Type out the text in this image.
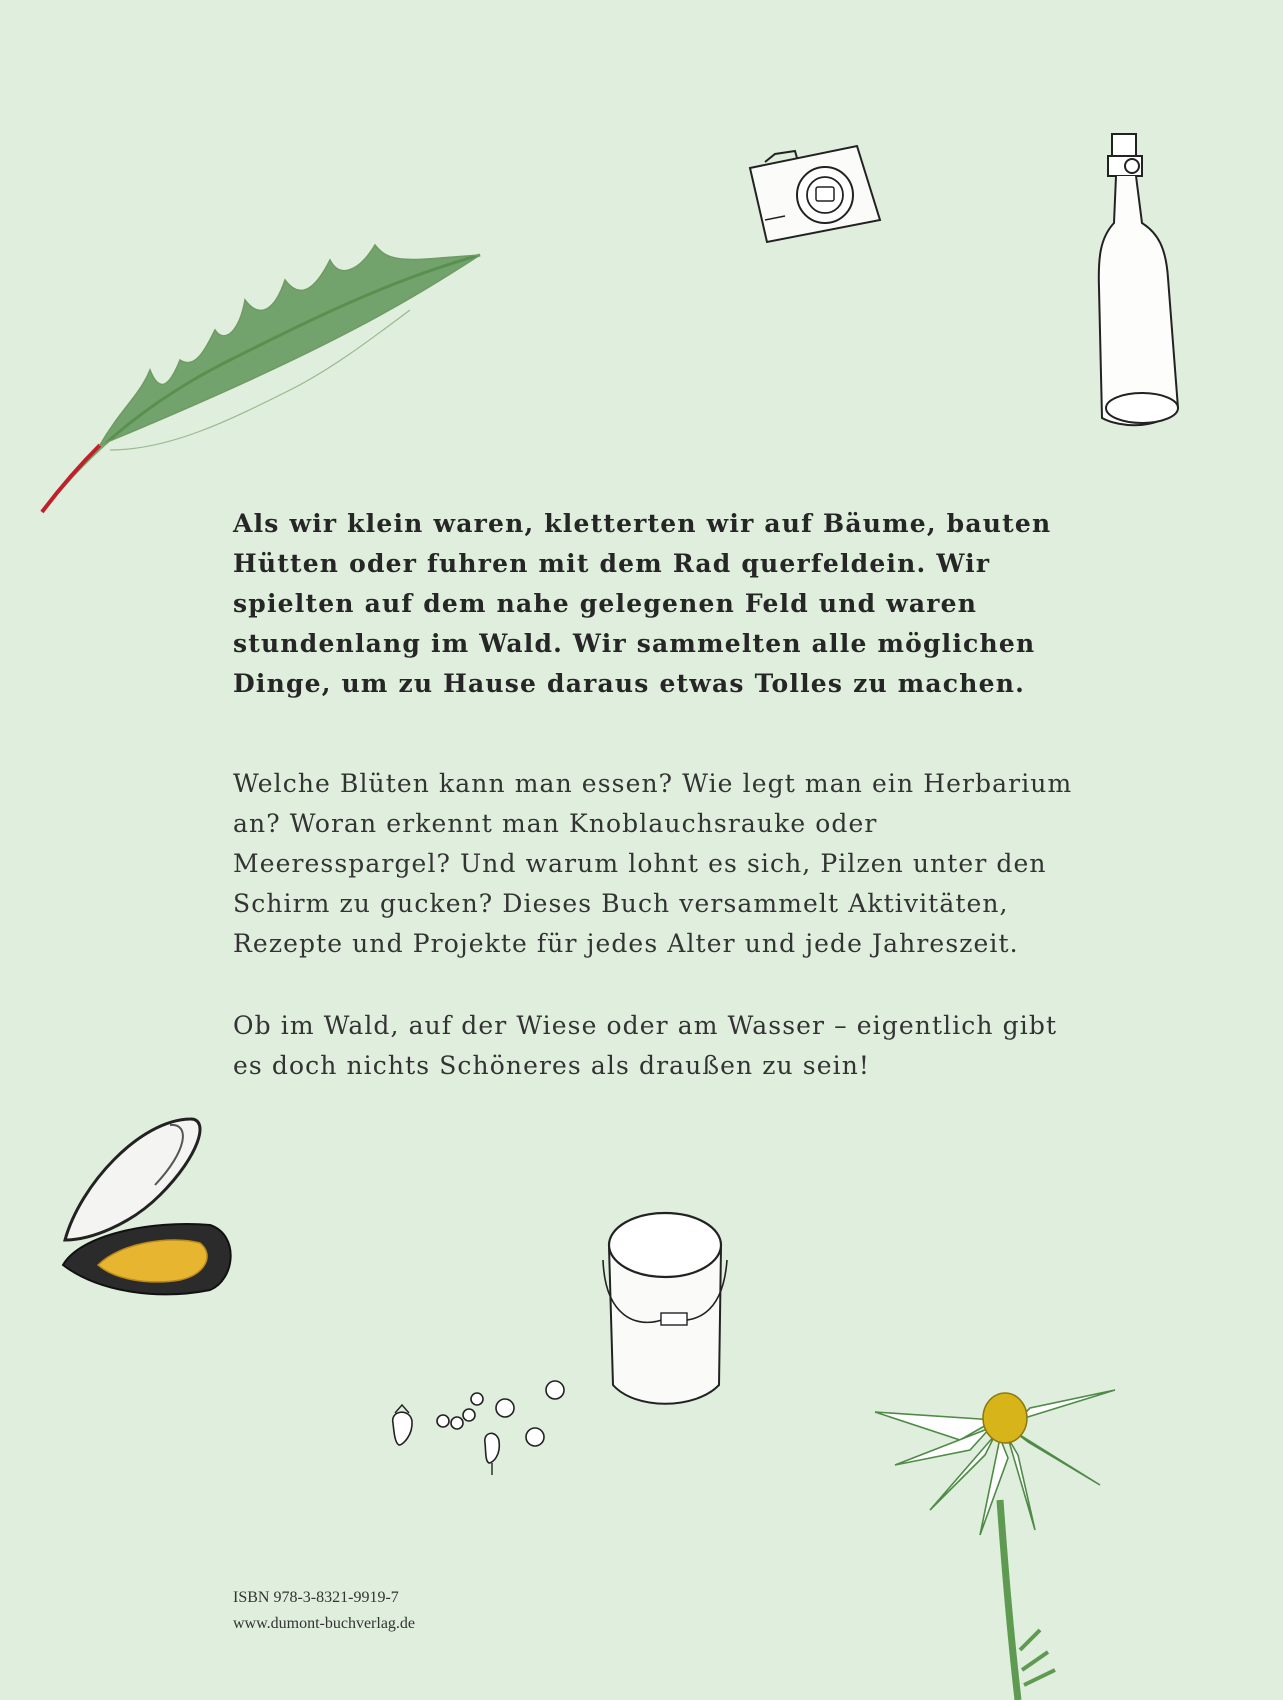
Als wir klein waren, kletterten wir auf Bäume, bauten Hütten oder fuhren mit dem Rad querfeldein. Wir spielten auf dem nahe gelegenen Feld und waren stundenlang im Wald. Wir sammelten alle möglichen Dinge, um zu Hause daraus etwas Tolles zu machen.

Welche Blüten kann man essen? Wie legt man ein Herbarium an? Woran erkennt man Knoblauchsrauke oder Meeresspargel? Und warum lohnt es sich, Pilzen unter den Schirm zu gucken? Dieses Buch versammelt Aktivitäten, Rezepte und Projekte für jedes Alter und jede Jahreszeit.

Ob im Wald, auf der Wiese oder am Wasser – eigentlich gibt es doch nichts Schöneres als draußen zu sein!

ISBN 978-3-8321-9919-7
www.dumont-buchverlag.de
